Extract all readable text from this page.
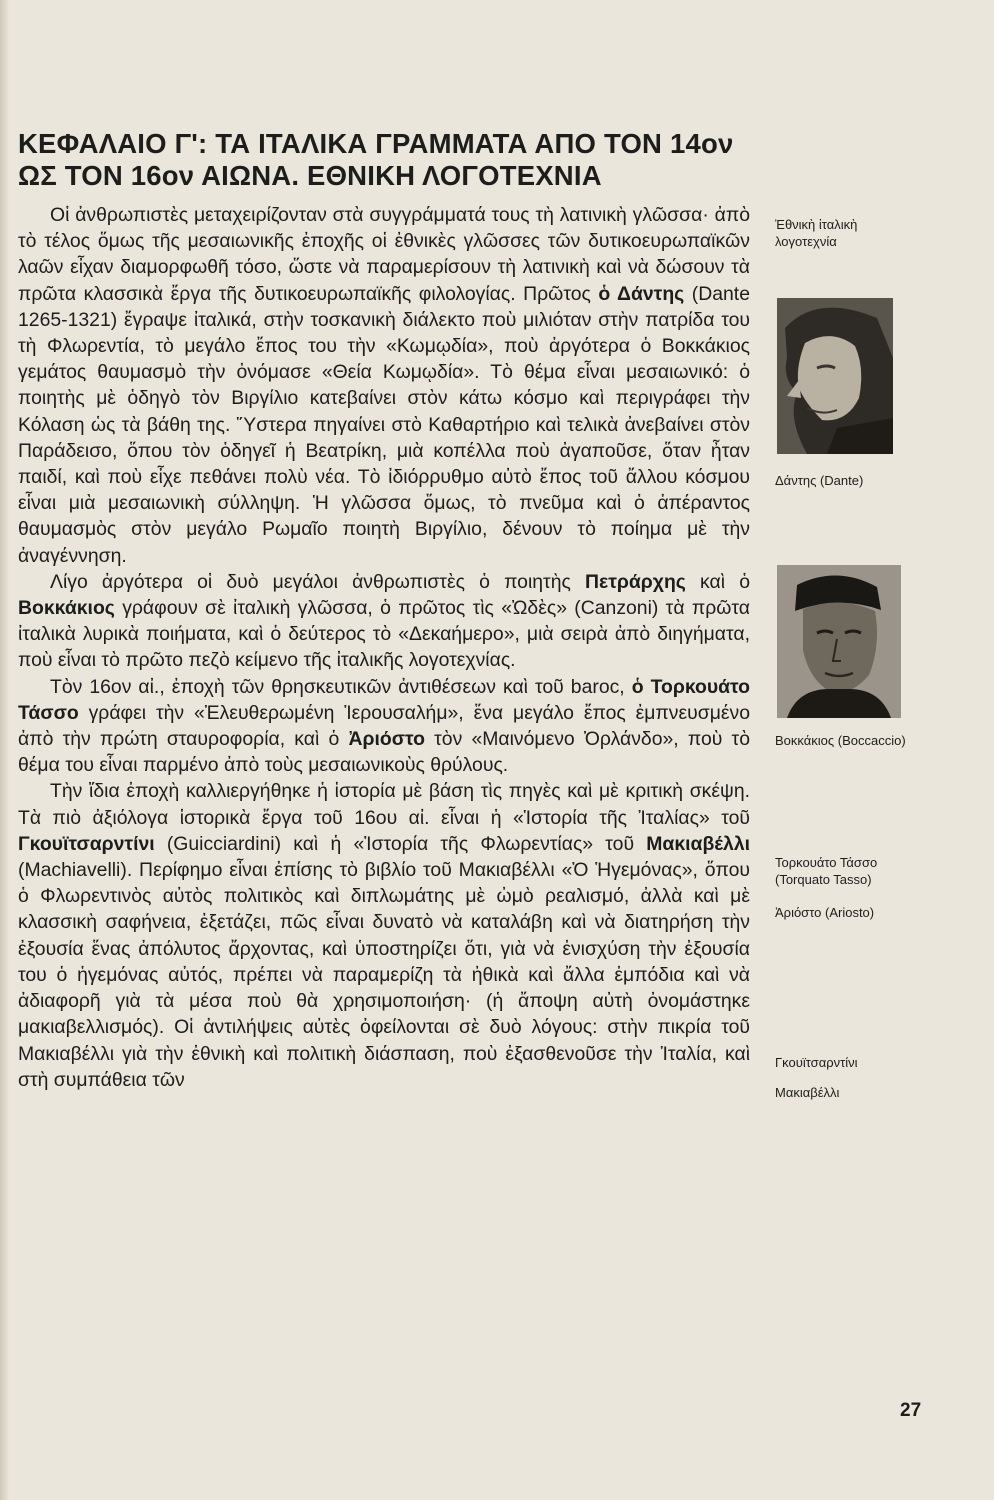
ΚΕΦΑΛΑΙΟ Γ': ΤΑ ΙΤΑΛΙΚΑ ΓΡΑΜΜΑΤΑ ΑΠΟ ΤΟΝ 14ον ΩΣ ΤΟΝ 16ον ΑΙΩΝΑ. ΕΘΝΙΚΗ ΛΟΓΟΤΕΧΝΙΑ

Οἱ ἀνθρωπιστὲς μεταχειρίζονταν στὰ συγγράμματά τους τὴ λατινικὴ γλῶσσα· ἀπὸ τὸ τέλος ὅμως τῆς μεσαιωνικῆς ἐποχῆς οἱ ἐθνικὲς γλῶσσες τῶν δυτικοευρωπαϊκῶν λαῶν εἶχαν διαμορφωθῆ τόσο, ὥστε νὰ παραμερίσουν τὴ λατινικὴ καὶ νὰ δώσουν τὰ πρῶτα κλασσικὰ ἔργα τῆς δυτικοευρωπαϊκῆς φιλολογίας. Πρῶτος ὁ Δάντης (Dante 1265-1321) ἔγραψε ἰταλικά, στὴν τοσκανικὴ διάλεκτο ποὺ μιλιόταν στὴν πατρίδα του τὴ Φλωρεντία, τὸ μεγάλο ἔπος του τὴν «Κωμῳδία», ποὺ ἀργότερα ὁ Βοκκάκιος γεμάτος θαυμασμὸ τὴν ὀνόμασε «Θεία Κωμῳδία». Τὸ θέμα εἶναι μεσαιωνικό: ὁ ποιητὴς μὲ ὁδηγὸ τὸν Βιργίλιο κατεβαίνει στὸν κάτω κόσμο καὶ περιγράφει τὴν Κόλαση ὡς τὰ βάθη της. Ὕστερα πηγαίνει στὸ Καθαρτήριο καὶ τελικὰ ἀνεβαίνει στὸν Παράδεισο, ὅπου τὸν ὁδηγεῖ ἡ Βεατρίκη, μιὰ κοπέλλα ποὺ ἀγαποῦσε, ὅταν ἦταν παιδί, καὶ ποὺ εἶχε πεθάνει πολὺ νέα. Τὸ ἰδιόρρυθμο αὐτὸ ἔπος τοῦ ἄλλου κόσμου εἶναι μιὰ μεσαιωνικὴ σύλληψη. Ἡ γλῶσσα ὅμως, τὸ πνεῦμα καὶ ὁ ἀπέραντος θαυμασμὸς στὸν μεγάλο Ρωμαῖο ποιητὴ Βιργίλιο, δένουν τὸ ποίημα μὲ τὴν ἀναγέννηση.

Λίγο ἀργότερα οἱ δυὸ μεγάλοι ἀνθρωπιστὲς ὁ ποιητὴς Πετράρχης καὶ ὁ Βοκκάκιος γράφουν σὲ ἰταλικὴ γλῶσσα, ὁ πρῶτος τὶς «Ὠδὲς» (Canzoni) τὰ πρῶτα ἰταλικὰ λυρικὰ ποιήματα, καὶ ὁ δεύτερος τὸ «Δεκαήμερο», μιὰ σειρὰ ἀπὸ διηγήματα, ποὺ εἶναι τὸ πρῶτο πεζὸ κείμενο τῆς ἰταλικῆς λογοτεχνίας.

Τὸν 16ον αἰ., ἐποχὴ τῶν θρησκευτικῶν ἀντιθέσεων καὶ τοῦ barοc, ὁ Τορκουάτο Τάσσο γράφει τὴν «Ἐλευθερωμένη Ἱερουσαλήμ», ἕνα μεγάλο ἔπος ἐμπνευσμένο ἀπὸ τὴν πρώτη σταυροφορία, καὶ ὁ Ἀριόστο τὸν «Μαινόμενο Ὀρλάνδο», ποὺ τὸ θέμα του εἶναι παρμένο ἀπὸ τοὺς μεσαιωνικοὺς θρύλους.

Τὴν ἴδια ἐποχὴ καλλιεργήθηκε ἡ ἱστορία μὲ βάση τὶς πηγὲς καὶ μὲ κριτικὴ σκέψη. Τὰ πιὸ ἀξιόλογα ἱστορικὰ ἔργα τοῦ 16ου αἰ. εἶναι ἡ «Ἱστορία τῆς Ἰταλίας» τοῦ Γκουϊτσαρντίνι (Guicciardini) καὶ ἡ «Ἱστορία τῆς Φλωρεντίας» τοῦ Μακιαβέλλι (Machiavelli). Περίφημο εἶναι ἐπίσης τὸ βιβλίο τοῦ Μακιαβέλλι «Ὁ Ἡγεμόνας», ὅπου ὁ Φλωρεντινὸς αὐτὸς πολιτικὸς καὶ διπλωμάτης μὲ ὠμὸ ρεαλισμό, ἀλλὰ καὶ μὲ κλασσικὴ σαφήνεια, ἐξετάζει, πῶς εἶναι δυνατὸ νὰ καταλάβη καὶ νὰ διατηρήση τὴν ἐξουσία ἕνας ἀπόλυτος ἄρχοντας, καὶ ὑποστηρίζει ὅτι, γιὰ νὰ ἐνισχύση τὴν ἐξουσία του ὁ ἡγεμόνας αὐτός, πρέπει νὰ παραμερίζη τὰ ἠθικὰ καὶ ἄλλα ἐμπόδια καὶ νὰ ἀδιαφορῆ γιὰ τὰ μέσα ποὺ θὰ χρησιμοποιήση· (ἡ ἄποψη αὐτὴ ὀνομάστηκε μακιαβελλισμός). Οἱ ἀντιλήψεις αὐτὲς ὀφείλονται σὲ δυὸ λόγους: στὴν πικρία τοῦ Μακιαβέλλι γιὰ τὴν ἐθνικὴ καὶ πολιτικὴ διάσπαση, ποὺ ἐξασθενοῦσε τὴν Ἰταλία, καὶ στὴ συμπάθεια τῶν

Ἐθνικὴ ἰταλικὴ λογοτεχνία
Δάντης (Dante)
Βοκκάκιος (Boccaccio)
Τορκουάτο Τάσσο (Torquato Tasso)
Ἀριόστο (Ariosto)
Γκουϊτσαρντίνι
Μακιαβέλλι
27
